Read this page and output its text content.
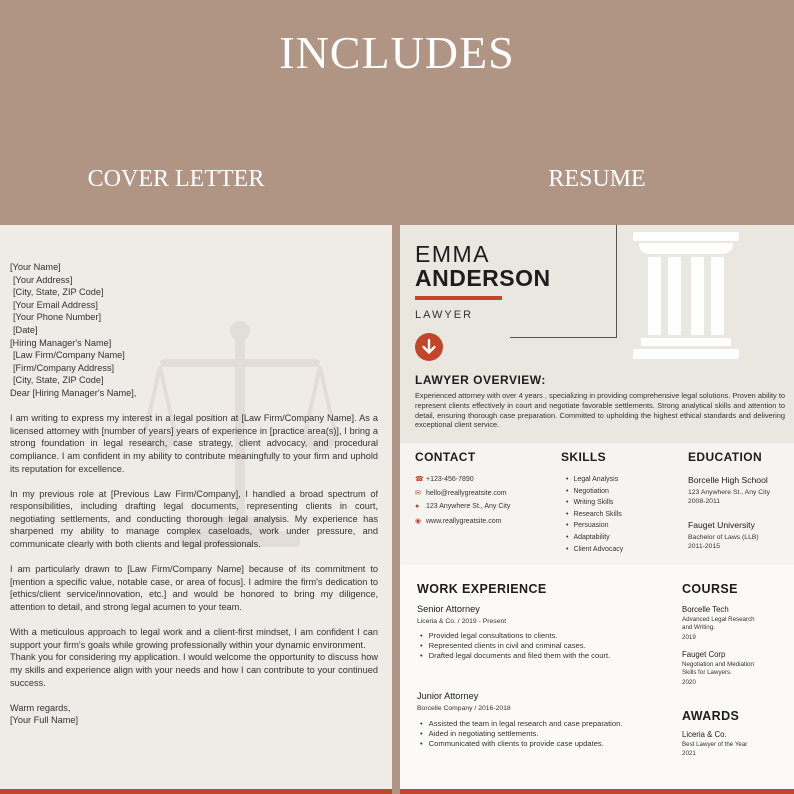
INCLUDES
COVER LETTER	RESUME
[Your Name]
[Your Address]
[City, State, ZIP Code]
[Your Email Address]
[Your Phone Number]
[Date]
[Hiring Manager's Name]
[Law Firm/Company Name]
[Firm/Company Address]
[City, State, ZIP Code]
Dear [Hiring Manager's Name],

I am writing to express my interest in a legal position at [Law Firm/Company Name]. As a licensed attorney with [number of years] years of experience in [practice area(s)], I bring a strong foundation in legal research, case strategy, client advocacy, and procedural compliance. I am confident in my ability to contribute meaningfully to your firm and uphold its reputation for excellence.

In my previous role at [Previous Law Firm/Company], I handled a broad spectrum of responsibilities, including drafting legal documents, representing clients in court, negotiating settlements, and conducting thorough legal analysis. My experience has sharpened my ability to manage complex caseloads, work under pressure, and communicate clearly with both clients and legal professionals.

I am particularly drawn to [Law Firm/Company Name] because of its commitment to [mention a specific value, notable case, or area of focus]. I admire the firm's dedication to [ethics/client service/innovation, etc.] and would be honored to bring my diligence, attention to detail, and strong legal acumen to your team.

With a meticulous approach to legal work and a client-first mindset, I am confident I can support your firm's goals while growing professionally within your dynamic environment.

Thank you for considering my application. I would welcome the opportunity to discuss how my skills and experience align with your needs and how I can contribute to your continued success.

Warm regards,
[Your Full Name]
EMMA
ANDERSON
LAWYER
LAWYER OVERVIEW:
Experienced attorney with over 4 years , specializing in providing comprehensive legal solutions. Proven ability to represent clients effectively in court and negotiate favorable settlements. Strong analytical skills and attention to detail, ensuring thorough case preparation. Committed to upholding the highest ethical standards and delivering exceptional client service.
CONTACT
☎ +123-456-7890
✉ hello@reallygreatsite.com
● 123 Anywhere St., Any City
◉ www.reallygreatsite.com
SKILLS
• Legal Analysis
• Negotiation
• Writing Skills
• Research Skills
• Persuasion
• Adaptability
• Client Advocacy
EDUCATION
Borcelle High School
123 Anywhere St., Any City
2008-2011
Fauget University
Bachelor of Laws (LLB)
2011-2015
WORK EXPERIENCE
Senior Attorney
Liceria & Co. / 2019 - Present
• Provided legal consultations to clients.
• Represented clients in civil and criminal cases.
• Drafted legal documents and filed them with the court.
Junior Attorney
Borcelle Company / 2016-2018
• Assisted the team in legal research and case preparation.
• Aided in negotiating settlements.
• Communicated with clients to provide case updates.
COURSE
Borcelle Tech
Advanced Legal Research
and Writing.
2019
Fauget Corp
Negotiation and Mediation
Skills for Lawyers.
2020
AWARDS
Liceria & Co.
Best Lawyer of the Year
2021
